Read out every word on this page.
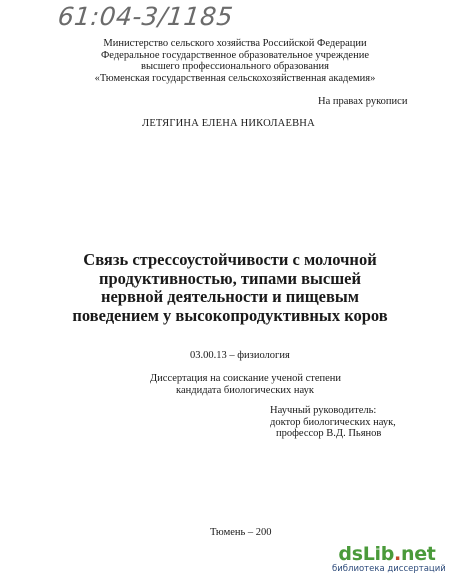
61:04-3/1185
Министерство сельского хозяйства Российской Федерации
Федеральное государственное образовательное учреждение
высшего профессионального образования
«Тюменская государственная сельскохозяйственная академия»
На правах рукописи
ЛЕТЯГИНА ЕЛЕНА НИКОЛАЕВНА
Связь стрессоустойчивости с молочной
продуктивностью, типами высшей
нервной деятельности и пищевым
поведением у высокопродуктивных коров
03.00.13 – физиология
Диссертация на соискание ученой степени
кандидата биологических наук
Научный руководитель:
доктор биологических наук,
профессор В.Д. Пьянов
Тюмень – 200
dsLib.net
библиотека диссертаций
